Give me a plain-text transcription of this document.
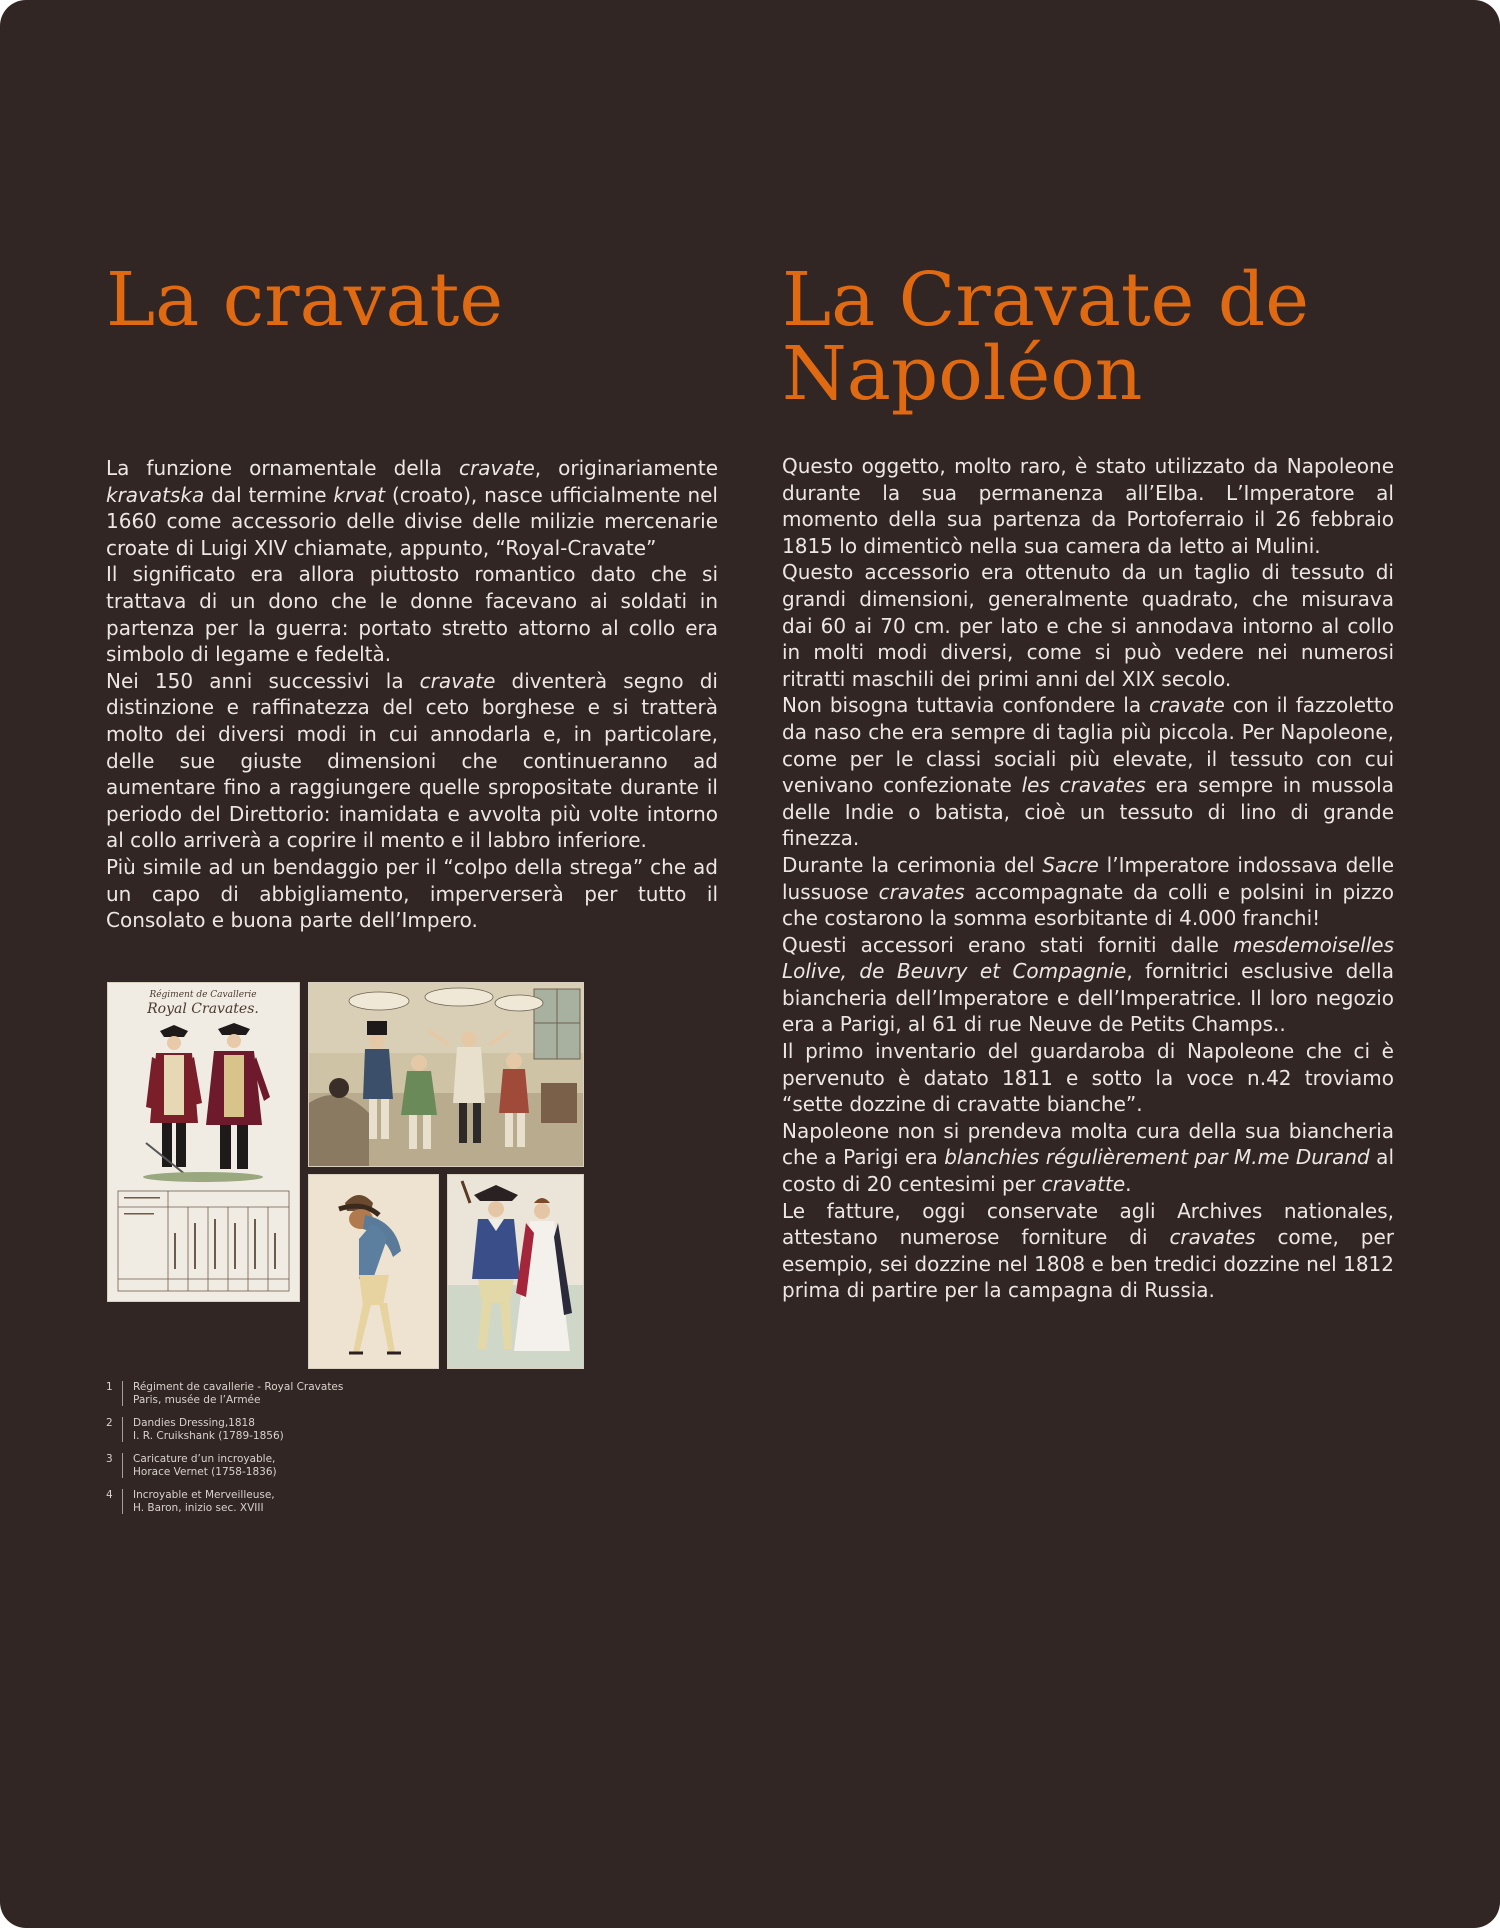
La cravate	La Cravate de
Napoléon

La funzione ornamentale della cravate, originariamente kravatska dal termine krvat (croato), nasce ufficialmente nel 1660 come accessorio delle divise delle milizie mercenarie croate di Luigi XIV chiamate, appunto, “Royal-Cravate”

Il significato era allora piuttosto romantico dato che si trattava di un dono che le donne facevano ai soldati in partenza per la guerra: portato stretto attorno al collo era simbolo di legame e fedeltà.

Nei 150 anni successivi la cravate diventerà segno di distinzione e raffinatezza del ceto borghese e si tratterà molto dei diversi modi in cui annodarla e, in particolare, delle sue giuste dimensioni che continueranno ad aumentare fino a raggiungere quelle spropositate durante il periodo del Direttorio: inamidata e avvolta più volte intorno al collo arriverà a coprire il mento e il labbro inferiore.

Più simile ad un bendaggio per il “colpo della strega” che ad un capo di abbigliamento, imperverserà per tutto il Consolato e buona parte dell’Impero.

Questo oggetto, molto raro, è stato utilizzato da Napoleone durante la sua permanenza all’Elba. L’Imperatore al momento della sua partenza da Portoferraio il 26 febbraio 1815 lo dimenticò nella sua camera da letto ai Mulini.

Questo accessorio era ottenuto da un taglio di tessuto di grandi dimensioni, generalmente quadrato, che misurava dai 60 ai 70 cm. per lato e che si annodava intorno al collo in molti modi diversi, come si può vedere nei numerosi ritratti maschili dei primi anni del XIX secolo.

Non bisogna tuttavia confondere la cravate con il fazzoletto da naso che era sempre di taglia più piccola. Per Napoleone, come per le classi sociali più elevate, il tessuto con cui venivano confezionate les cravates era sempre in mussola delle Indie o batista, cioè un tessuto di lino di grande finezza.

Durante la cerimonia del Sacre l’Imperatore indossava delle lussuose cravates accompagnate da colli e polsini in pizzo che costarono la somma esorbitante di 4.000 franchi!

Questi accessori erano stati forniti dalle mesdemoiselles Lolive, de Beuvry et Compagnie, fornitrici esclusive della biancheria dell’Imperatore e dell’Imperatrice. Il loro negozio era a Parigi, al 61 di rue Neuve de Petits Champs..

Il primo inventario del guardaroba di Napoleone che ci è pervenuto è datato 1811 e sotto la voce n.42 troviamo “sette dozzine di cravatte bianche”.

Napoleone non si prendeva molta cura della sua biancheria che a Parigi era blanchies régulièrement par M.me Durand al costo di 20 centesimi per cravatte.

Le fatture, oggi conservate agli Archives nationales, attestano numerose forniture di cravates come, per esempio, sei dozzine nel 1808 e ben tredici dozzine nel 1812 prima di partire per la campagna di Russia.

Régiment de Cavallerie
Royal Cravates.
1	Régiment de cavallerie - Royal Cravates
Paris, musée de l’Armée
2	Dandies Dressing,1818
I. R. Cruikshank (1789-1856)
3	Caricature d’un incroyable,
Horace Vernet (1758-1836)
4	Incroyable et Merveilleuse,
H. Baron, inizio sec. XVIII
